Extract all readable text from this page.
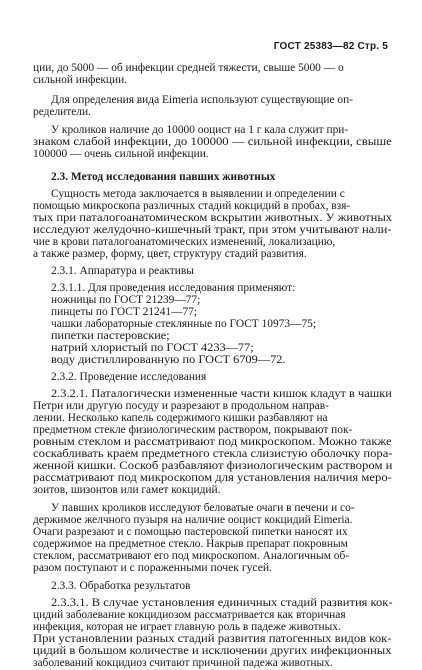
ГОСТ 25383—82 Стр. 5
ции, до 5000 — об инфекции средней тяжести, свыше 5000 — о
сильной инфекции.
Для определения вида Eimeria используют существующие оп-
ределители.
У кроликов наличие до 10000 ооцист на 1 г кала служит при-
знаком слабой инфекции, до 100000 — сильной инфекции, свыше
100000 — очень сильной инфекции.
2.3. Метод исследования павших животных
Сущность метода заключается в выявлении и определении с
помощью микроскопа различных стадий кокцидий в пробах, взя-
тых при паталогоанатомическом вскрытии животных. У животных
исследуют желудочно-кишечный тракт, при этом учитывают нали-
чие в крови паталогоанатомических изменений, локализацию,
а также размер, форму, цвет, структуру стадий развития.
2.3.1. Аппаратура и реактивы
2.3.1.1. Для проведения исследования применяют:
ножницы по ГОСТ 21239—77;
пинцеты по ГОСТ 21241—77;
чашки лабораторные стеклянные по ГОСТ 10973—75;
пипетки пастеровские;
натрий хлористый по ГОСТ 4233—77;
воду дистиллированную по ГОСТ 6709—72.
2.3.2. Проведение исследования
2.3.2.1. Паталогически измененные части кишок кладут в чашки
Петри или другую посуду и разрезают в продольном направ-
лении. Несколько капель содержимого кишки разбавляют на
предметном стекле физиологическим раствором, покрывают пок-
ровным стеклом и рассматривают под микроскопом. Можно также
соскабливать краем предметного стекла слизистую оболочку пора-
женной кишки. Соскоб разбавляют физиологическим раствором и
рассматривают под микроскопом для установления наличия меро-
зоитов, шизонтов или гамет кокцидий.
У павших кроликов исследуют беловатые очаги в печени и со-
держимое желчного пузыря на наличие ооцист кокцидий Eimeria.
Очаги разрезают и с помощью пастеровской пипетки наносят их
содержимое на предметное стекло. Накрыв препарат покровным
стеклом, рассматривают его под микроскопом. Аналогичным об-
разом поступают и с пораженными почек гусей.
2.3.3. Обработка результатов
2.3.3.1. В случае установления единичных стадий развития кок-
цидий заболевание кокцидиозом рассматривается как вторичная
инфекция, которая не играет главную роль в падеже животных.
При установлении разных стадий развития патогенных видов кок-
цидий в большом количестве и исключении других инфекционных
заболеваний кокцидиоз считают причиной падежа животных.
